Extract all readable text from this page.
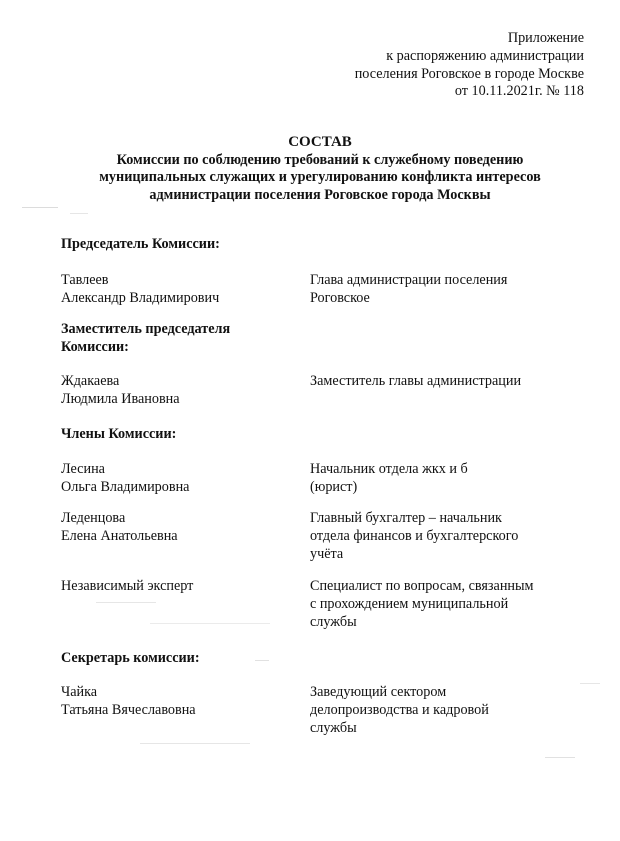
Приложение
к распоряжению администрации
поселения Роговское в городе Москве
от 10.11.2021г. № 118
СОСТАВ
Комиссии по соблюдению требований к служебному поведению
муниципальных служащих и урегулированию конфликта интересов
администрации поселения Роговское города Москвы
Председатель Комиссии:
Тавлеев
Александр Владимирович
Глава администрации поселения
Роговское
Заместитель председателя
Комиссии:
Ждакаева
Людмила Ивановна
Заместитель главы администрации
Члены Комиссии:
Лесина
Ольга Владимировна
Начальник отдела жкх и б
(юрист)
Леденцова
Елена Анатольевна
Главный бухгалтер – начальник
отдела финансов и бухгалтерского
учёта
Независимый эксперт	Специалист по вопросам, связанным
с прохождением муниципальной
службы
Секретарь комиссии:
Чайка
Татьяна Вячеславовна
Заведующий сектором
делопроизводства и кадровой
службы
